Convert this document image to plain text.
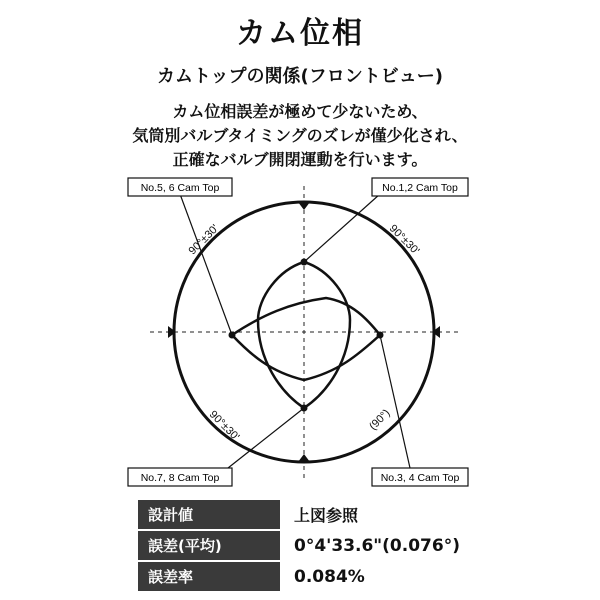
カム位相
カムトップの関係(フロントビュー)
カム位相誤差が極めて少ないため、
気筒別バルブタイミングのズレが僅少化され、
正確なバルブ開閉運動を行います。
No.5, 6 Cam Top	No.1,2 Cam Top
No.7, 8 Cam Top	No.3, 4 Cam Top
90°±30'	90°±30'
90°±30'	(90°)
設計値	上図参照
誤差(平均)	0°4'33.6"(0.076°)
誤差率	0.084%
